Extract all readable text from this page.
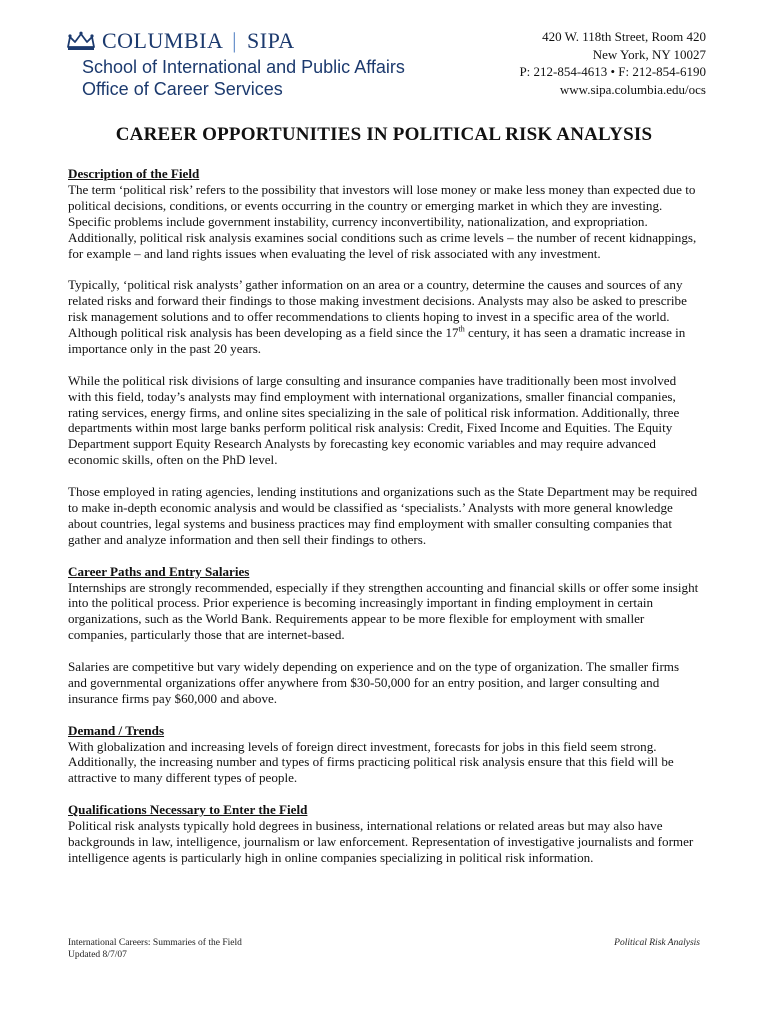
COLUMBIA | SIPA
School of International and Public Affairs
Office of Career Services
420 W. 118th Street, Room 420
New York, NY 10027
P: 212-854-4613 • F: 212-854-6190
www.sipa.columbia.edu/ocs
CAREER OPPORTUNITIES IN POLITICAL RISK ANALYSIS
Description of the Field

The term ‘political risk’ refers to the possibility that investors will lose money or make less money than expected due to political decisions, conditions, or events occurring in the country or emerging market in which they are investing. Specific problems include government instability, currency inconvertibility, nationalization, and expropriation. Additionally, political risk analysis examines social conditions such as crime levels – the number of recent kidnappings, for example – and land rights issues when evaluating the level of risk associated with any investment.

Typically, ‘political risk analysts’ gather information on an area or a country, determine the causes and sources of any related risks and forward their findings to those making investment decisions. Analysts may also be asked to prescribe risk management solutions and to offer recommendations to clients hoping to invest in a specific area of the world. Although political risk analysis has been developing as a field since the 17th century, it has seen a dramatic increase in importance only in the past 20 years.

While the political risk divisions of large consulting and insurance companies have traditionally been most involved with this field, today’s analysts may find employment with international organizations, smaller financial companies, rating services, energy firms, and online sites specializing in the sale of political risk information. Additionally, three departments within most large banks perform political risk analysis: Credit, Fixed Income and Equities. The Equity Department support Equity Research Analysts by forecasting key economic variables and may require advanced economic skills, often on the PhD level.

Those employed in rating agencies, lending institutions and organizations such as the State Department may be required to make in-depth economic analysis and would be classified as ‘specialists.’ Analysts with more general knowledge about countries, legal systems and business practices may find employment with smaller consulting companies that gather and analyze information and then sell their findings to others.

Career Paths and Entry Salaries

Internships are strongly recommended, especially if they strengthen accounting and financial skills or offer some insight into the political process. Prior experience is becoming increasingly important in finding employment in certain organizations, such as the World Bank. Requirements appear to be more flexible for employment with smaller companies, particularly those that are internet-based.

Salaries are competitive but vary widely depending on experience and on the type of organization. The smaller firms and governmental organizations offer anywhere from $30-50,000 for an entry position, and larger consulting and insurance firms pay $60,000 and above.

Demand / Trends

With globalization and increasing levels of foreign direct investment, forecasts for jobs in this field seem strong. Additionally, the increasing number and types of firms practicing political risk analysis ensure that this field will be attractive to many different types of people.

Qualifications Necessary to Enter the Field

Political risk analysts typically hold degrees in business, international relations or related areas but may also have backgrounds in law, intelligence, journalism or law enforcement. Representation of investigative journalists and former intelligence agents is particularly high in online companies specializing in political risk information.

International Careers: Summaries of the Field
Updated 8/7/07
Political Risk Analysis
